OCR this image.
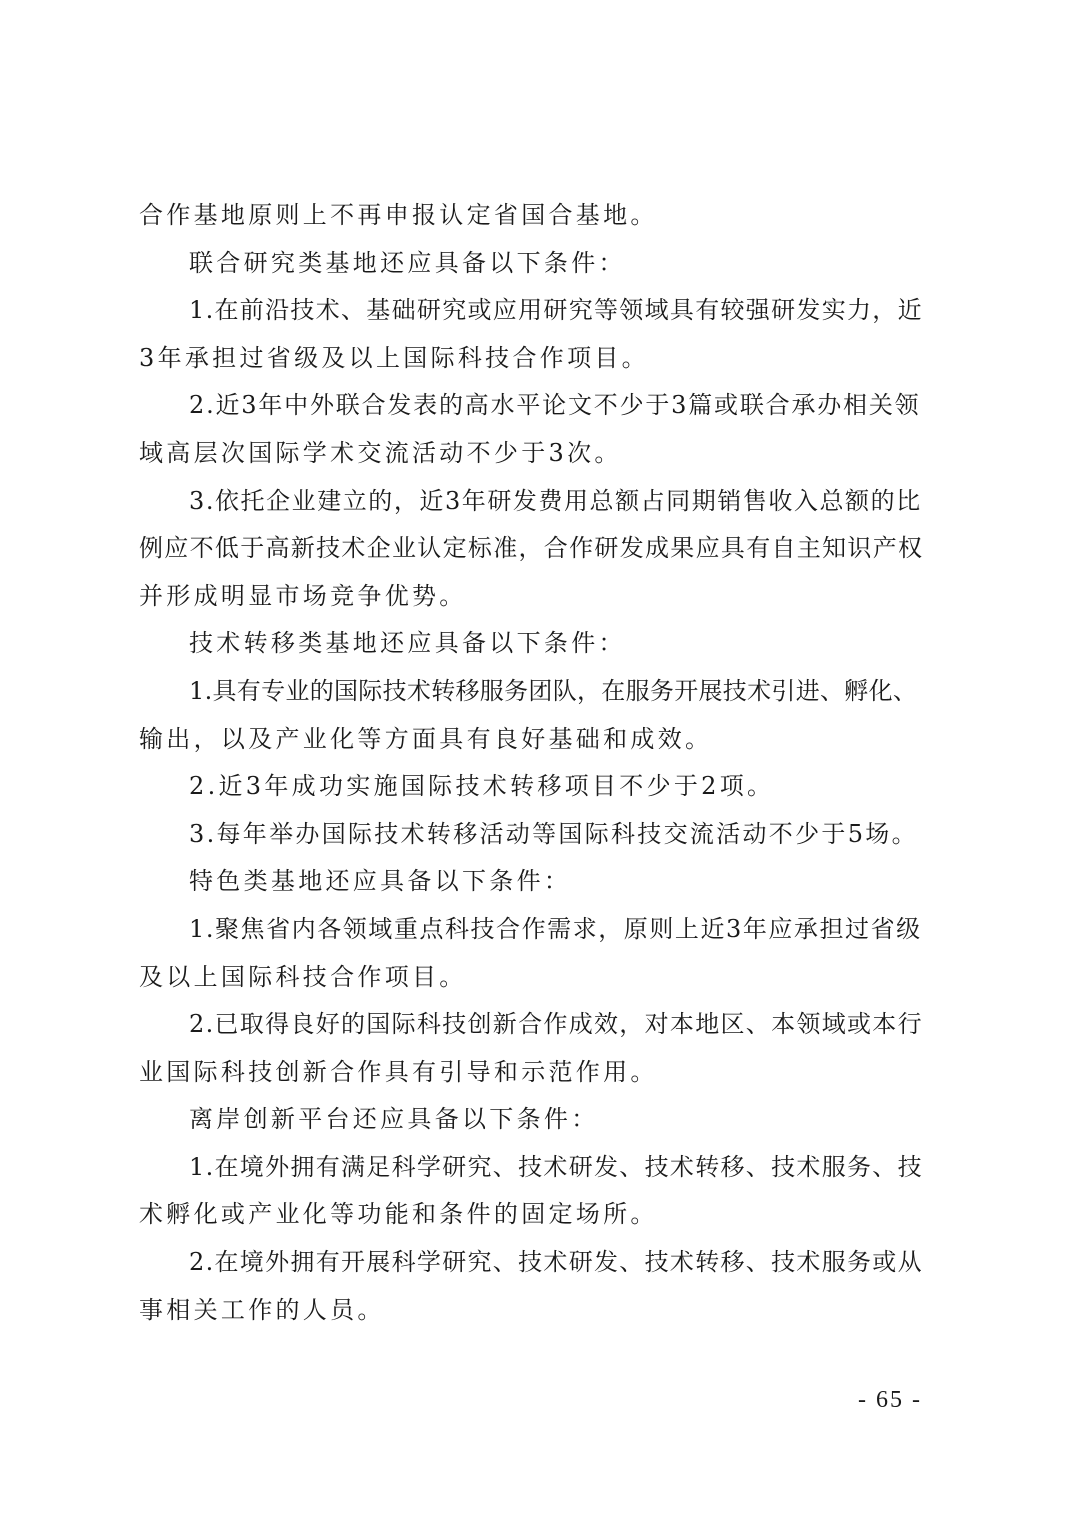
合作基地原则上不再申报认定省国合基地。
联合研究类基地还应具备以下条件：
1.在前沿技术、基础研究或应用研究等领域具有较强研发实力，近
3年承担过省级及以上国际科技合作项目。
2.近3年中外联合发表的高水平论文不少于3篇或联合承办相关领
域高层次国际学术交流活动不少于3次。
3.依托企业建立的，近3年研发费用总额占同期销售收入总额的比
例应不低于高新技术企业认定标准，合作研发成果应具有自主知识产权
并形成明显市场竞争优势。
技术转移类基地还应具备以下条件：
1.具有专业的国际技术转移服务团队，在服务开展技术引进、孵化、
输出，以及产业化等方面具有良好基础和成效。
2.近3年成功实施国际技术转移项目不少于2项。
3.每年举办国际技术转移活动等国际科技交流活动不少于5场。
特色类基地还应具备以下条件：
1.聚焦省内各领域重点科技合作需求，原则上近3年应承担过省级
及以上国际科技合作项目。
2.已取得良好的国际科技创新合作成效，对本地区、本领域或本行
业国际科技创新合作具有引导和示范作用。
离岸创新平台还应具备以下条件：
1.在境外拥有满足科学研究、技术研发、技术转移、技术服务、技
术孵化或产业化等功能和条件的固定场所。
2.在境外拥有开展科学研究、技术研发、技术转移、技术服务或从
事相关工作的人员。
- 65 -
